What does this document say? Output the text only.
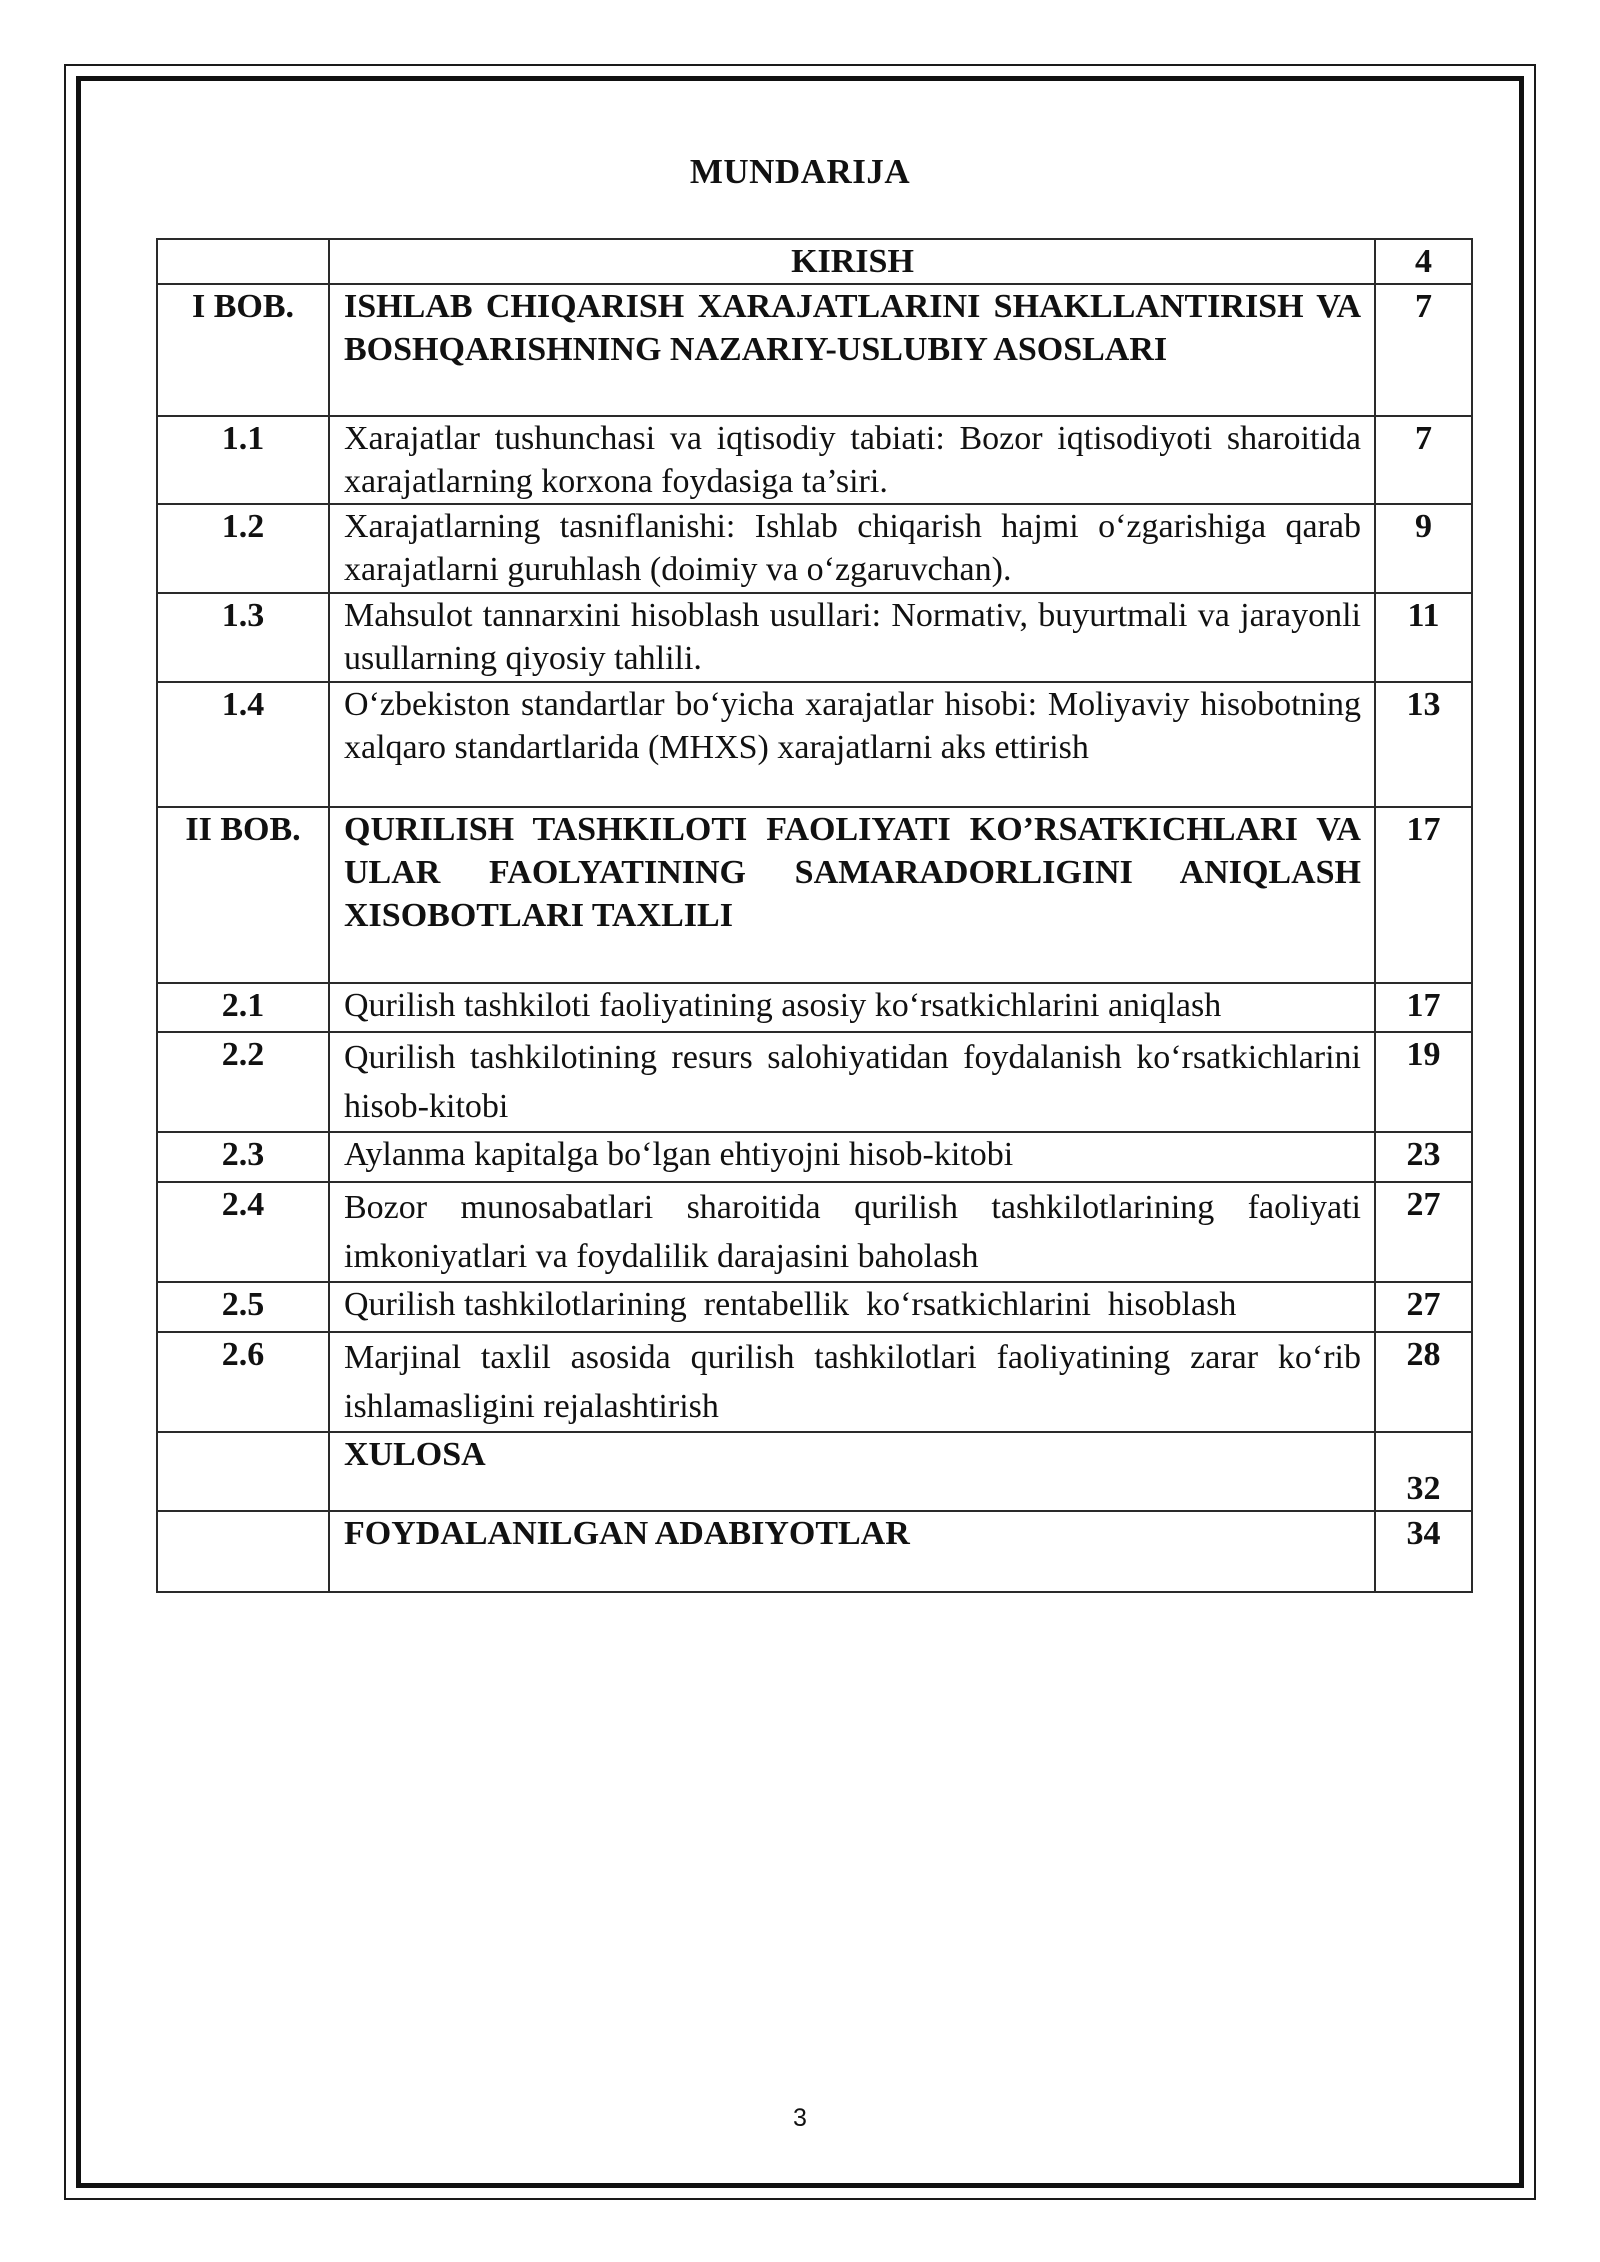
MUNDARIJA
	KIRISH	4
I BOB.	ISHLAB CHIQARISH XARAJATLARINI SHAKLLANTIRISH VA BOSHQARISHNING NAZARIY-USLUBIY ASOSLARI	7
1.1	Xarajatlar tushunchasi va iqtisodiy tabiati: Bozor iqtisodiyoti sharoitida xarajatlarning korxona foydasiga ta’siri.	7
1.2	Xarajatlarning tasniflanishi: Ishlab chiqarish hajmi o‘zgarishiga qarab xarajatlarni guruhlash (doimiy va o‘zgaruvchan).	9
1.3	Mahsulot tannarxini hisoblash usullari: Normativ, buyurtmali va jarayonli usullarning qiyosiy tahlili.	11
1.4	O‘zbekiston standartlar bo‘yicha xarajatlar hisobi: Moliyaviy hisobotning xalqaro standartlarida (MHXS) xarajatlarni aks ettirish	13
II BOB.	QURILISH TASHKILOTI FAOLIYATI KO’RSATKICHLARI VA ULAR FAOLYATINING SAMARADORLIGINI ANIQLASH XISOBOTLARI TAXLILI	17
2.1	Qurilish tashkiloti faoliyatining asosiy ko‘rsatkichlarini aniqlash	17
2.2	Qurilish tashkilotining resurs salohiyatidan foydalanish ko‘rsatkichlarini hisob-kitobi	19
2.3	Aylanma kapitalga bo‘lgan ehtiyojni hisob-kitobi	23
2.4	Bozor munosabatlari sharoitida qurilish tashkilotlarining faoliyati imkoniyatlari va foydalilik darajasini baholash	27
2.5	Qurilish tashkilotlarining  rentabellik  ko‘rsatkichlarini  hisoblash	27
2.6	Marjinal taxlil asosida qurilish tashkilotlari faoliyatining zarar ko‘rib ishlamasligini rejalashtirish	28
	XULOSA	32
	FOYDALANILGAN ADABIYOTLAR	34
3
